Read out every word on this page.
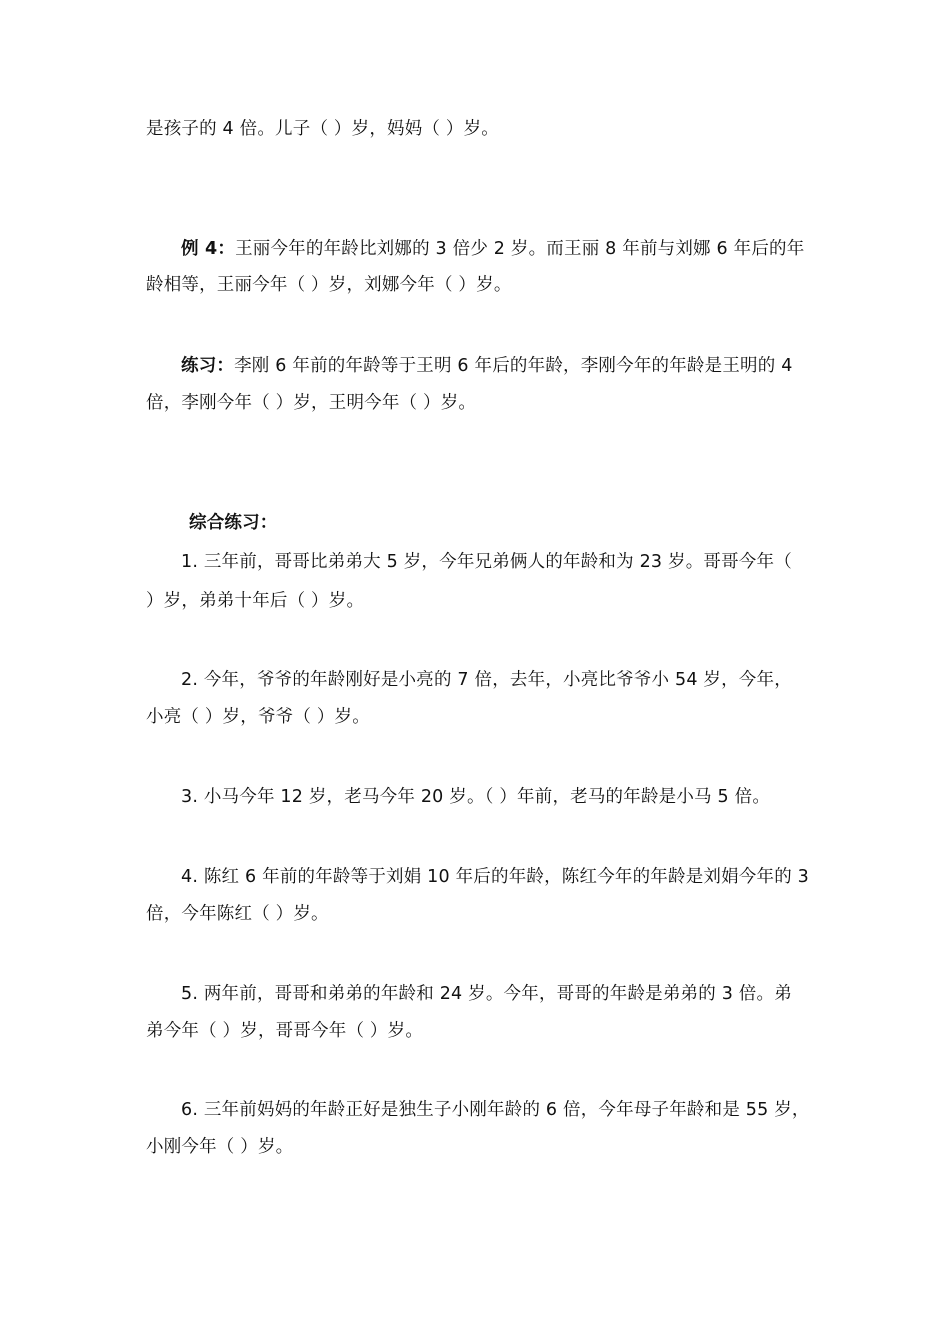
是孩子的 4 倍。儿子（ ）岁，妈妈（ ）岁。
例 4：王丽今年的年龄比刘娜的 3 倍少 2 岁。而王丽 8 年前与刘娜 6 年后的年
龄相等，王丽今年（ ）岁，刘娜今年（ ）岁。
练习：李刚 6 年前的年龄等于王明 6 年后的年龄，李刚今年的年龄是王明的 4
倍，李刚今年（ ）岁，王明今年（ ）岁。
综合练习：
1. 三年前，哥哥比弟弟大 5 岁，今年兄弟俩人的年龄和为 23 岁。哥哥今年（
）岁，弟弟十年后（ ）岁。
2. 今年，爷爷的年龄刚好是小亮的 7 倍，去年，小亮比爷爷小 54 岁，今年，
小亮（ ）岁，爷爷（ ）岁。
3. 小马今年 12 岁，老马今年 20 岁。（ ）年前，老马的年龄是小马 5 倍。
4. 陈红 6 年前的年龄等于刘娟 10 年后的年龄，陈红今年的年龄是刘娟今年的 3
倍，今年陈红（ ）岁。
5. 两年前，哥哥和弟弟的年龄和 24 岁。今年，哥哥的年龄是弟弟的 3 倍。弟
弟今年（ ）岁，哥哥今年（ ）岁。
6. 三年前妈妈的年龄正好是独生子小刚年龄的 6 倍，今年母子年龄和是 55 岁，
小刚今年（ ）岁。
